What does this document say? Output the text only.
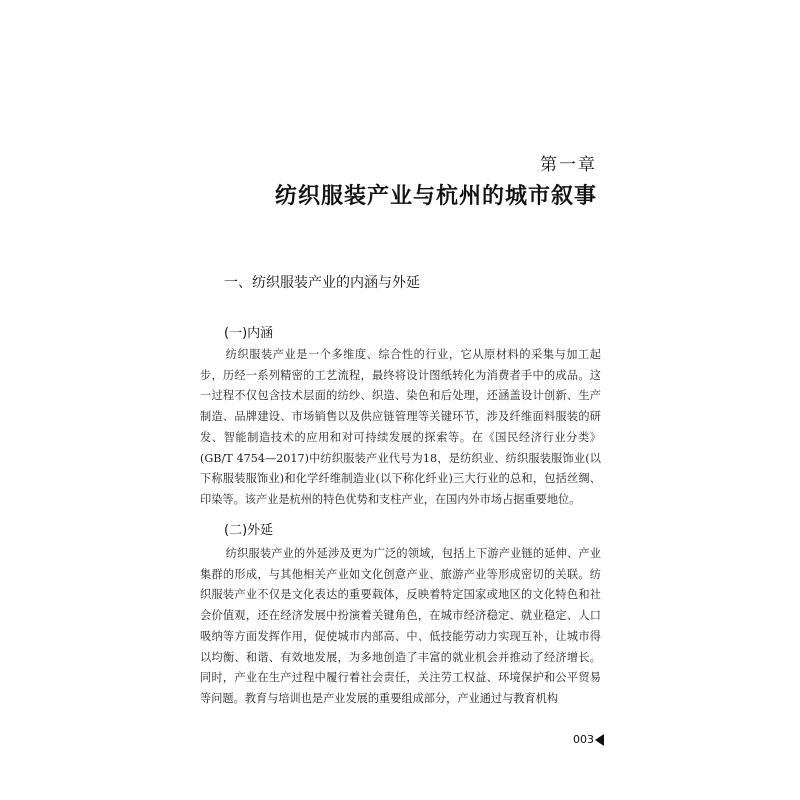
第一章
纺织服装产业与杭州的城市叙事
一、纺织服装产业的内涵与外延
(一)内涵

纺织服装产业是一个多维度、综合性的行业，它从原材料的采集与加工起步，历经一系列精密的工艺流程，最终将设计图纸转化为消费者手中的成品。这一过程不仅包含技术层面的纺纱、织造、染色和后处理，还涵盖设计创新、生产制造、品牌建设、市场销售以及供应链管理等关键环节，涉及纤维面料服装的研发、智能制造技术的应用和对可持续发展的探索等。在《国民经济行业分类》(GB/T 4754—2017)中纺织服装产业代号为18，是纺织业、纺织服装服饰业(以下称服装服饰业)和化学纤维制造业(以下称化纤业)三大行业的总和，包括丝绸、印染等。该产业是杭州的特色优势和支柱产业，在国内外市场占据重要地位。

(二)外延

纺织服装产业的外延涉及更为广泛的领域，包括上下游产业链的延伸、产业集群的形成，与其他相关产业如文化创意产业、旅游产业等形成密切的关联。纺织服装产业不仅是文化表达的重要载体，反映着特定国家或地区的文化特色和社会价值观，还在经济发展中扮演着关键角色，在城市经济稳定、就业稳定、人口吸纳等方面发挥作用，促使城市内部高、中、低技能劳动力实现互补，让城市得以均衡、和谐、有效地发展，为多地创造了丰富的就业机会并推动了经济增长。同时，产业在生产过程中履行着社会责任，关注劳工权益、环境保护和公平贸易等问题。教育与培训也是产业发展的重要组成部分，产业通过与教育机构

003
